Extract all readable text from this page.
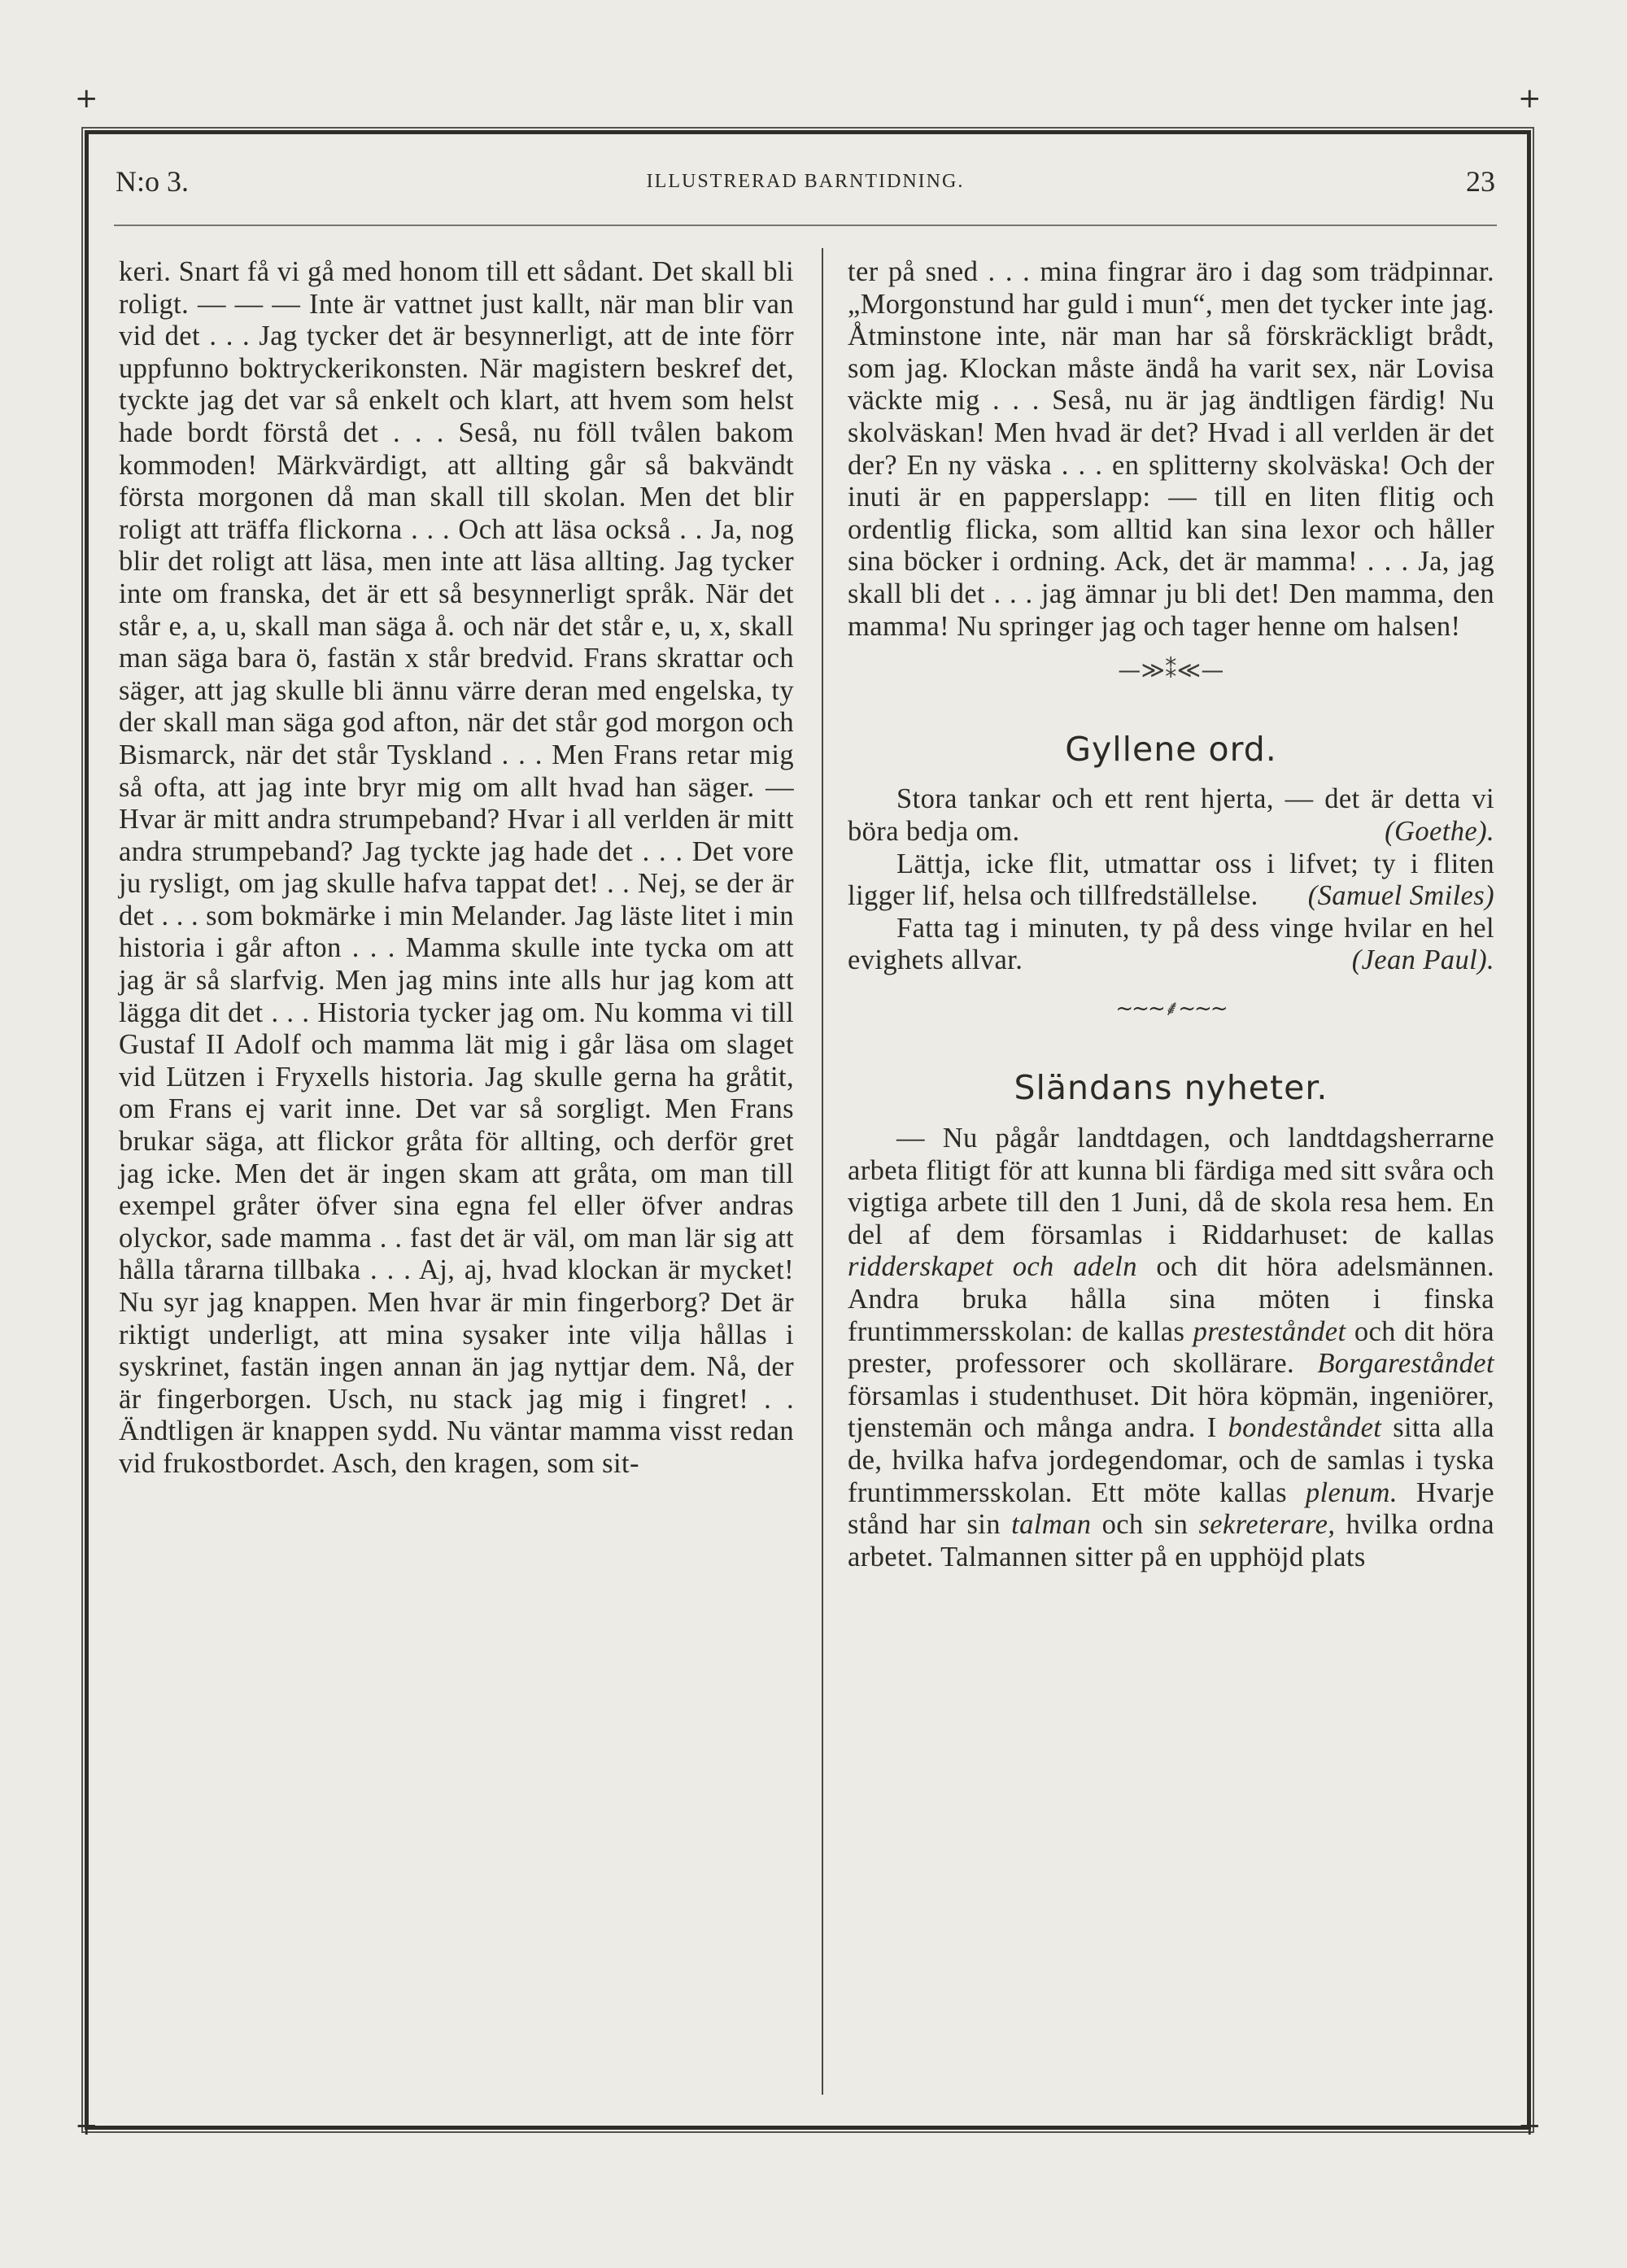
+	+
+	+
N:o 3.	ILLUSTRERAD BARNTIDNING.	23

keri. Snart få vi gå med honom till ett sådant. Det skall bli roligt. — — — Inte är vattnet just kallt, när man blir van vid det . . . Jag tycker det är besynnerligt, att de inte förr uppfunno boktryckerikonsten. När magistern beskref det, tyckte jag det var så enkelt och klart, att hvem som helst hade bordt förstå det . . . Seså, nu föll tvålen bakom kommoden! Märkvärdigt, att allting går så bakvändt första morgonen då man skall till skolan. Men det blir roligt att träffa flickorna . . . Och att läsa också . . Ja, nog blir det roligt att läsa, men inte att läsa allting. Jag tycker inte om franska, det är ett så besynnerligt språk. När det står e, a, u, skall man säga å. och när det står e, u, x, skall man säga bara ö, fastän x står bredvid. Frans skrattar och säger, att jag skulle bli ännu värre deran med engelska, ty der skall man säga god afton, när det står god morgon och Bismarck, när det står Tyskland . . . Men Frans retar mig så ofta, att jag inte bryr mig om allt hvad han säger. — Hvar är mitt andra strumpeband? Hvar i all verlden är mitt andra strumpeband? Jag tyckte jag hade det . . . Det vore ju rysligt, om jag skulle hafva tappat det! . . Nej, se der är det . . . som bokmärke i min Melander. Jag läste litet i min historia i går afton . . . Mamma skulle inte tycka om att jag är så slarfvig. Men jag mins inte alls hur jag kom att lägga dit det . . . Historia tycker jag om. Nu komma vi till Gustaf II Adolf och mamma lät mig i går läsa om slaget vid Lützen i Fryxells historia. Jag skulle gerna ha gråtit, om Frans ej varit inne. Det var så sorgligt. Men Frans brukar säga, att flickor gråta för allting, och derför gret jag icke. Men det är ingen skam att gråta, om man till exempel gråter öfver sina egna fel eller öfver andras olyckor, sade mamma . . fast det är väl, om man lär sig att hålla tårarna tillbaka . . . Aj, aj, hvad klockan är mycket! Nu syr jag knappen. Men hvar är min fingerborg? Det är riktigt underligt, att mina sysaker inte vilja hållas i syskrinet, fastän ingen annan än jag nyttjar dem. Nå, der är fingerborgen. Usch, nu stack jag mig i fingret! . . Ändtligen är knappen sydd. Nu väntar mamma visst redan vid frukostbordet. Asch, den kragen, som sit-

ter på sned . . . mina fingrar äro i dag som trädpinnar. „Morgonstund har guld i mun“, men det tycker inte jag. Åtminstone inte, när man har så förskräckligt brådt, som jag. Klockan måste ändå ha varit sex, när Lovisa väckte mig . . . Seså, nu är jag ändtligen färdig! Nu skolväskan! Men hvad är det? Hvad i all verlden är det der? En ny väska . . . en splitterny skolväska! Och der inuti är en papperslapp: — till en liten flitig och ordentlig flicka, som alltid kan sina lexor och håller sina böcker i ordning. Ack, det är mamma! . . . Ja, jag skall bli det . . . jag ämnar ju bli det! Den mamma, den mamma! Nu springer jag och tager henne om halsen!

—≫⁑≪—
Gyllene ord.

Stora tankar och ett rent hjerta, — det är detta vi böra bedja om.	(Goethe).

Lättja, icke flit, utmattar oss i lifvet; ty i fliten ligger lif, helsa och tillfredställelse.	(Samuel Smiles)

Fatta tag i minuten, ty på dess vinge hvilar en hel evighets allvar.	(Jean Paul).

~~~⸙~~~
Sländans nyheter.

— Nu pågår landtdagen, och landtdagsherrarne arbeta flitigt för att kunna bli färdiga med sitt svåra och vigtiga arbete till den 1 Juni, då de skola resa hem. En del af dem församlas i Riddarhuset: de kallas ridderskapet och adeln och dit höra adelsmännen. Andra bruka hålla sina möten i finska fruntimmersskolan: de kallas presteståndet och dit höra prester, professorer och skollärare. Borgareståndet församlas i studenthuset. Dit höra köpmän, ingeniörer, tjenstemän och många andra. I bondeståndet sitta alla de, hvilka hafva jordegendomar, och de samlas i tyska fruntimmersskolan. Ett möte kallas plenum. Hvarje stånd har sin talman och sin sekreterare, hvilka ordna arbetet. Talmannen sitter på en upphöjd plats
